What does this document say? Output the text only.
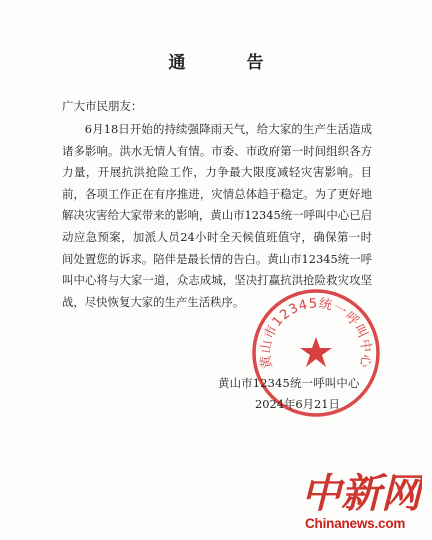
通　告
广大市民朋友：

6月18日开始的持续强降雨天气，给大家的生产生活造成诸多影响。洪水无情人有情。市委、市政府第一时间组织各方力量，开展抗洪抢险工作，力争最大限度减轻灾害影响。目前，各项工作正在有序推进，灾情总体趋于稳定。为了更好地解决灾害给大家带来的影响，黄山市12345统一呼叫中心已启动应急预案，加派人员24小时全天候值班值守，确保第一时间处置您的诉求。陪伴是最长情的告白。黄山市12345统一呼叫中心将与大家一道，众志成城，坚决打赢抗洪抢险救灾攻坚战，尽快恢复大家的生产生活秩序。

黄山市12345统一呼叫中心
黄山市12345统一呼叫中心
2024年6月21日
中新网
Chinanews.com
